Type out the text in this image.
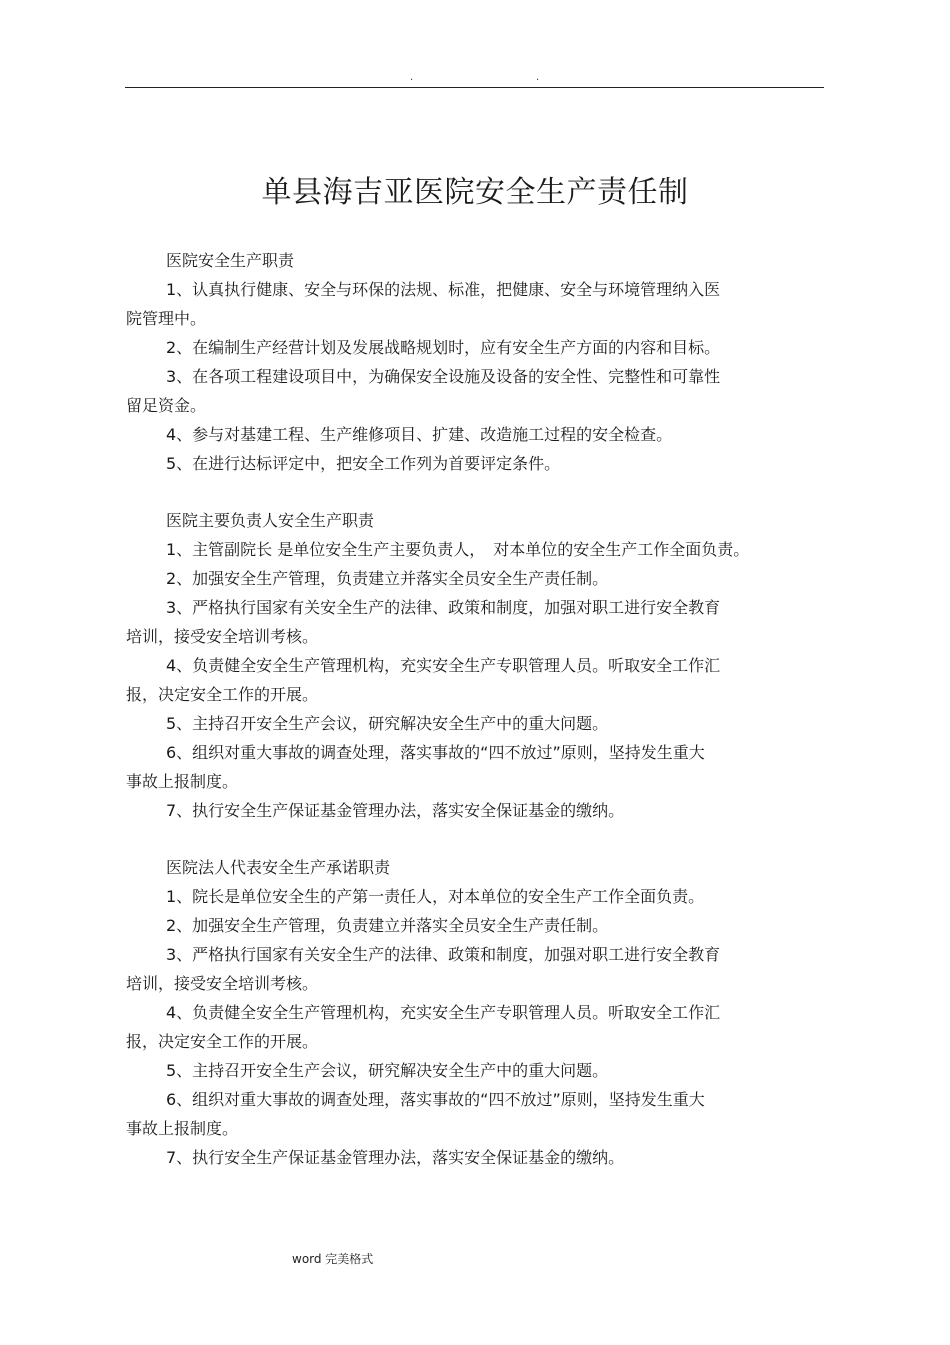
.	.
单县海吉亚医院安全生产责任制

医院安全生产职责

1、认真执行健康、安全与环保的法规、标准，把健康、安全与环境管理纳入医
院管理中。
2、在编制生产经营计划及发展战略规划时，应有安全生产方面的内容和目标。
3、在各项工程建设项目中，为确保安全设施及设备的安全性、完整性和可靠性
留足资金。
4、参与对基建工程、生产维修项目、扩建、改造施工过程的安全检查。
5、在进行达标评定中，把安全工作列为首要评定条件。

医院主要负责人安全生产职责

1、主管副院长 是单位安全生产主要负责人，　对本单位的安全生产工作全面负责。
2、加强安全生产管理，负责建立并落实全员安全生产责任制。
3、严格执行国家有关安全生产的法律、政策和制度，加强对职工进行安全教育
培训，接受安全培训考核。
4、负责健全安全生产管理机构，充实安全生产专职管理人员。听取安全工作汇
报，决定安全工作的开展。
5、主持召开安全生产会议，研究解决安全生产中的重大问题。
6、组织对重大事故的调查处理，落实事故的“四不放过”原则，坚持发生重大
事故上报制度。
7、执行安全生产保证基金管理办法，落实安全保证基金的缴纳。

医院法人代表安全生产承诺职责

1、院长是单位安全生的产第一责任人，对本单位的安全生产工作全面负责。
2、加强安全生产管理，负责建立并落实全员安全生产责任制。
3、严格执行国家有关安全生产的法律、政策和制度，加强对职工进行安全教育
培训，接受安全培训考核。
4、负责健全安全生产管理机构，充实安全生产专职管理人员。听取安全工作汇
报，决定安全工作的开展。
5、主持召开安全生产会议，研究解决安全生产中的重大问题。
6、组织对重大事故的调查处理，落实事故的“四不放过”原则，坚持发生重大
事故上报制度。
7、执行安全生产保证基金管理办法，落实安全保证基金的缴纳。
word 完美格式
